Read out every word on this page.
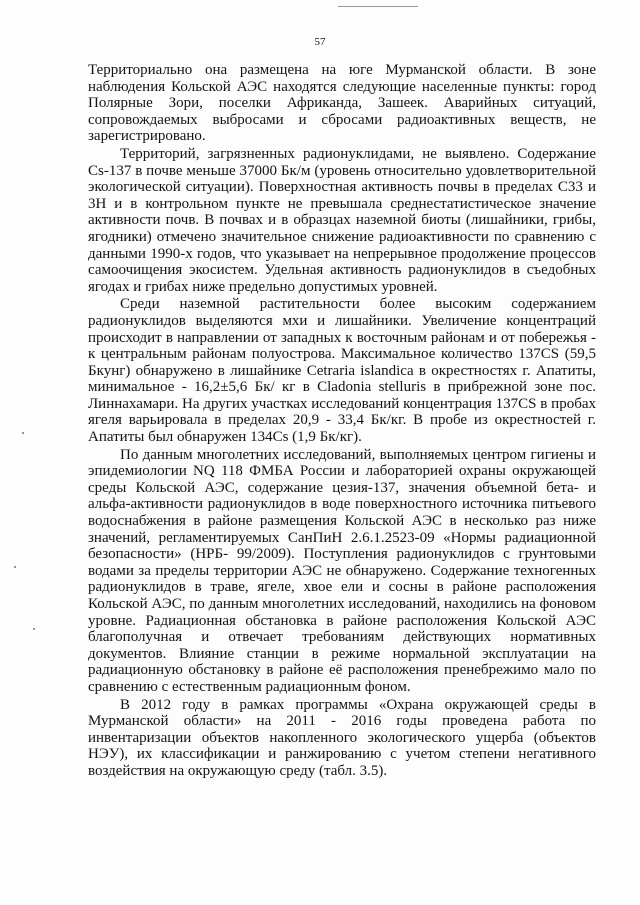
57

Территориально она размещена на юге Мурманской области. В зоне наблюдения Кольской АЭС находятся следующие населенные пункты: город Полярные Зори, поселки Африканда, Зашеек. Аварийных ситуаций, сопровождаемых выбросами и сбросами радиоактивных веществ, не зарегистрировано.

Территорий, загрязненных радионуклидами, не выявлено. Содержание Cs-137 в почве меньше 37000 Бк/м (уровень относительно удовлетворительной экологической ситуации). Поверхностная активность почвы в пределах С33 и 3Н и в контрольном пункте не превышала среднестатистическое значение активности почв. В почвах и в образцах наземной биоты (лишайники, грибы, ягодники) отмечено значительное снижение радиоактивности по сравнению с данными 1990-х годов, что указывает на непрерывное продолжение процессов самоочищения экосистем. Удельная активность радионуклидов в съедобных ягодах и грибах ниже предельно допустимых уровней.

Среди наземной растительности более высоким содержанием радионуклидов выделяются мхи и лишайники. Увеличение концентраций происходит в направлении от западных к восточным районам и от побережья - к центральным районам полуострова. Максимальное количество 137CS (59,5 Бкунг) обнаружено в лишайнике Cetraria islandica в окрестностях г. Апатиты, минимальное - 16,2±5,6 Бк/ кг в Cladonia stelluris в прибрежной зоне пос. Линнахамари. На других участках исследований концентрация 137CS в пробах ягеля варьировала в пределах 20,9 - 33,4 Бк/кг. В пробе из окрестностей г. Апатиты был обнаружен 134Cs (1,9 Бк/кг).

По данным многолетних исследований, выполняемых центром гигиены и эпидемиологии NQ 118 ФМБА России и лабораторией охраны окружающей среды Кольской АЭС, содержание цезия-137, значения объемной бета- и альфа-активности радионуклидов в воде поверхностного источника питьевого водоснабжения в районе размещения Кольской АЭС в несколько раз ниже значений, регламентируемых СанПиН 2.6.1.2523-09 «Нормы радиационной безопасности» (НРБ- 99/2009). Поступления радионуклидов с грунтовыми водами за пределы территории АЭС не обнаружено. Содержание техногенных радионуклидов в траве, ягеле, хвое ели и сосны в районе расположения Кольской АЭС, по данным многолетних исследований, находились на фоновом уровне. Радиационная обстановка в районе расположения Кольской АЭС благополучная и отвечает требованиям действующих нормативных документов. Влияние станции в режиме нормальной эксплуатации на радиационную обстановку в районе её расположения пренебрежимо мало по сравнению с естественным радиационным фоном.

В 2012 году в рамках программы «Охрана окружающей среды в Мурманской области» на 2011 - 2016 годы проведена работа по инвентаризации объектов накопленного экологического ущерба (объектов НЭУ), их классификации и ранжированию с учетом степени негативного воздействия на окружающую среду (табл. 3.5).
